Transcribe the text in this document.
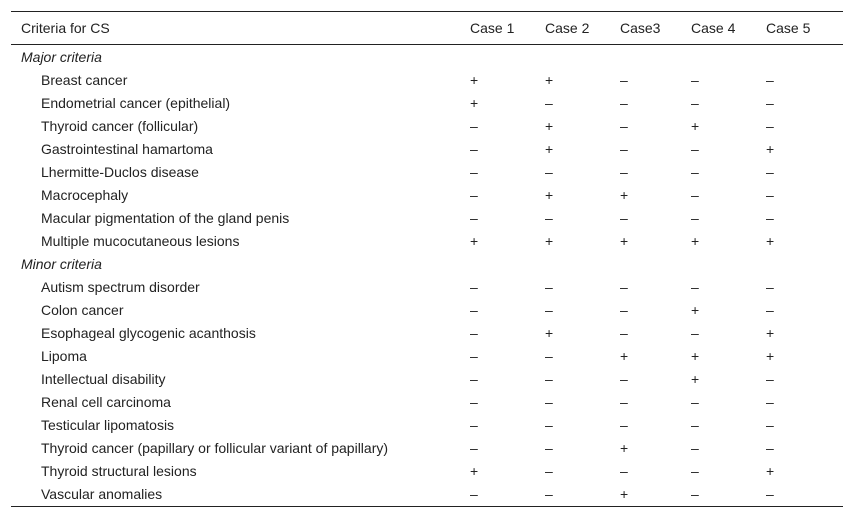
Criteria for CS	Case 1	Case 2	Case3	Case 4	Case 5
Major criteria					
Breast cancer	+	+	–	–	–
Endometrial cancer (epithelial)	+	–	–	–	–
Thyroid cancer (follicular)	–	+	–	+	–
Gastrointestinal hamartoma	–	+	–	–	+
Lhermitte-Duclos disease	–	–	–	–	–
Macrocephaly	–	+	+	–	–
Macular pigmentation of the gland penis	–	–	–	–	–
Multiple mucocutaneous lesions	+	+	+	+	+
Minor criteria					
Autism spectrum disorder	–	–	–	–	–
Colon cancer	–	–	–	+	–
Esophageal glycogenic acanthosis	–	+	–	–	+
Lipoma	–	–	+	+	+
Intellectual disability	–	–	–	+	–
Renal cell carcinoma	–	–	–	–	–
Testicular lipomatosis	–	–	–	–	–
Thyroid cancer (papillary or follicular variant of papillary)	–	–	+	–	–
Thyroid structural lesions	+	–	–	–	+
Vascular anomalies	–	–	+	–	–
